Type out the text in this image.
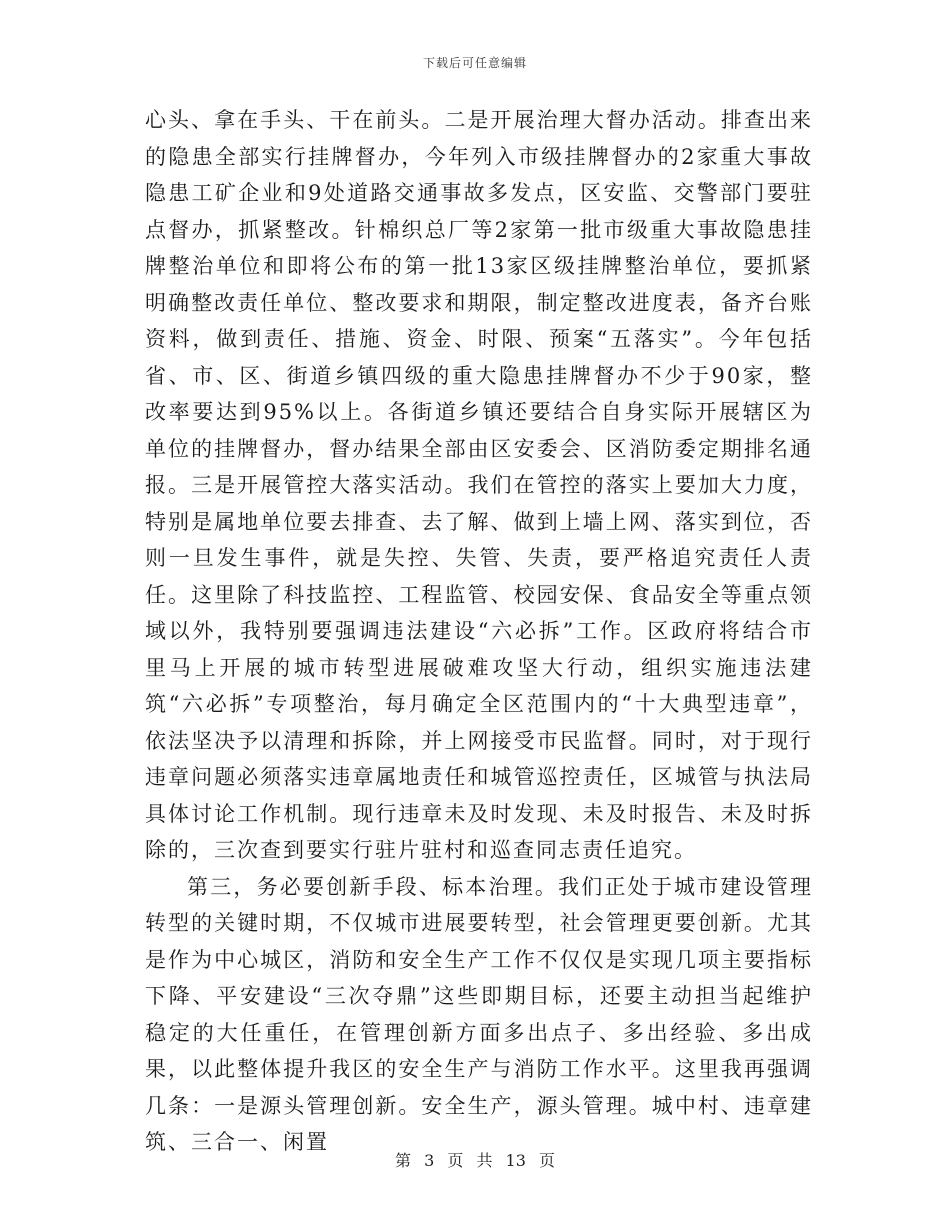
下载后可任意编辑

心头、拿在手头、干在前头。二是开展治理大督办活动。排查出来的隐患全部实行挂牌督办，今年列入市级挂牌督办的2家重大事故隐患工矿企业和9处道路交通事故多发点，区安监、交警部门要驻点督办，抓紧整改。针棉织总厂等2家第一批市级重大事故隐患挂牌整治单位和即将公布的第一批13家区级挂牌整治单位，要抓紧明确整改责任单位、整改要求和期限，制定整改进度表，备齐台账资料，做到责任、措施、资金、时限、预案“五落实”。今年包括省、市、区、街道乡镇四级的重大隐患挂牌督办不少于90家，整改率要达到95%以上。各街道乡镇还要结合自身实际开展辖区为单位的挂牌督办，督办结果全部由区安委会、区消防委定期排名通报。三是开展管控大落实活动。我们在管控的落实上要加大力度，特别是属地单位要去排查、去了解、做到上墙上网、落实到位，否则一旦发生事件，就是失控、失管、失责，要严格追究责任人责任。这里除了科技监控、工程监管、校园安保、食品安全等重点领域以外，我特别要强调违法建设“六必拆”工作。区政府将结合市里马上开展的城市转型进展破难攻坚大行动，组织实施违法建筑“六必拆”专项整治，每月确定全区范围内的“十大典型违章”，依法坚决予以清理和拆除，并上网接受市民监督。同时，对于现行违章问题必须落实违章属地责任和城管巡控责任，区城管与执法局具体讨论工作机制。现行违章未及时发现、未及时报告、未及时拆除的，三次查到要实行驻片驻村和巡查同志责任追究。

第三，务必要创新手段、标本治理。我们正处于城市建设管理转型的关键时期，不仅城市进展要转型，社会管理更要创新。尤其是作为中心城区，消防和安全生产工作不仅仅是实现几项主要指标下降、平安建设“三次夺鼎”这些即期目标，还要主动担当起维护稳定的大任重任，在管理创新方面多出点子、多出经验、多出成果，以此整体提升我区的安全生产与消防工作水平。这里我再强调几条：一是源头管理创新。安全生产，源头管理。城中村、违章建筑、三合一、闲置

第 3 页 共 13 页
